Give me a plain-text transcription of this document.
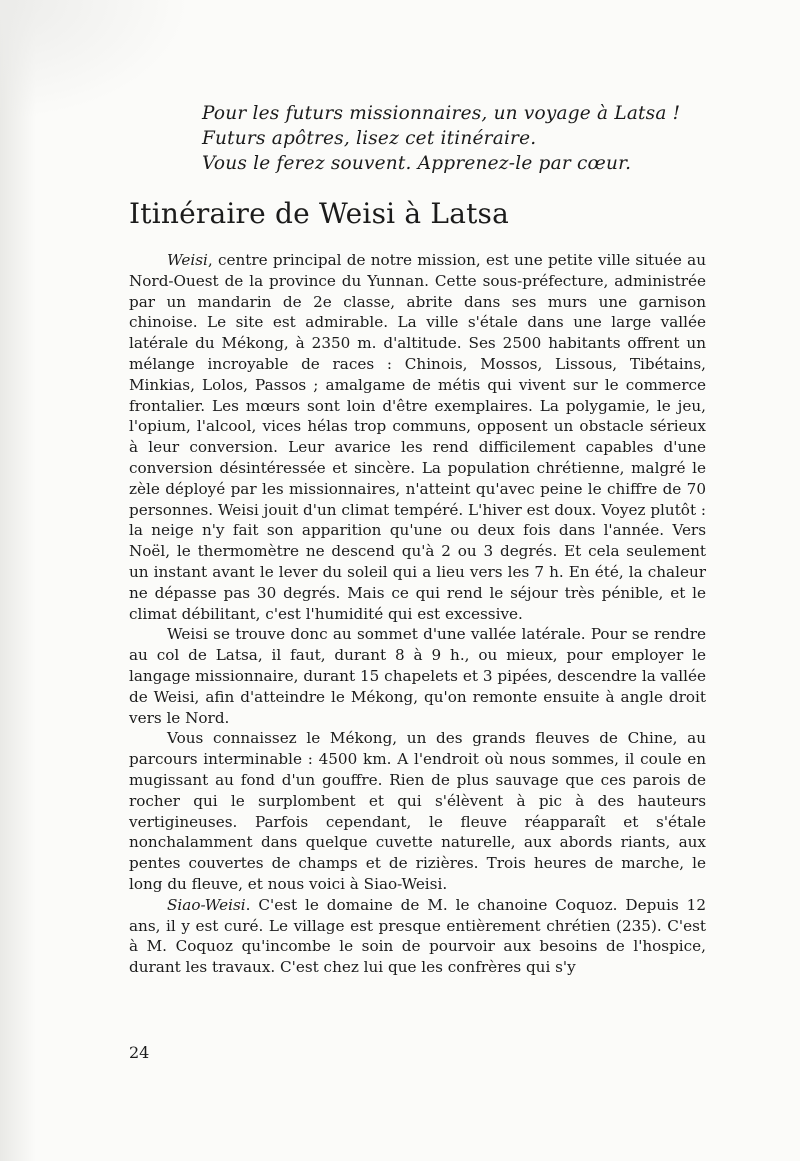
Pour les futurs missionnaires, un voyage à Latsa !
Futurs apôtres, lisez cet itinéraire.
Vous le ferez souvent. Apprenez-le par cœur.
Itinéraire de Weisi à Latsa

Weisi, centre principal de notre mission, est une petite ville située au Nord-Ouest de la province du Yunnan. Cette sous-préfecture, administrée par un mandarin de 2e classe, abrite dans ses murs une garnison chinoise. Le site est admirable. La ville s'étale dans une large vallée latérale du Mékong, à 2350 m. d'altitude. Ses 2500 habitants offrent un mélange incroyable de races : Chinois, Mossos, Lissous, Tibétains, Minkias, Lolos, Passos ; amalgame de métis qui vivent sur le commerce frontalier. Les mœurs sont loin d'être exemplaires. La polygamie, le jeu, l'opium, l'alcool, vices hélas trop communs, opposent un obstacle sérieux à leur conversion. Leur avarice les rend difficilement capables d'une conversion désintéressée et sincère. La population chrétienne, malgré le zèle déployé par les missionnaires, n'atteint qu'avec peine le chiffre de 70 personnes. Weisi jouit d'un climat tempéré. L'hiver est doux. Voyez plutôt : la neige n'y fait son apparition qu'une ou deux fois dans l'année. Vers Noël, le thermomètre ne descend qu'à 2 ou 3 degrés. Et cela seulement un instant avant le lever du soleil qui a lieu vers les 7 h. En été, la chaleur ne dépasse pas 30 degrés. Mais ce qui rend le séjour très pénible, et le climat débilitant, c'est l'humidité qui est excessive.

Weisi se trouve donc au sommet d'une vallée latérale. Pour se rendre au col de Latsa, il faut, durant 8 à 9 h., ou mieux, pour employer le langage missionnaire, durant 15 chapelets et 3 pipées, descendre la vallée de Weisi, afin d'atteindre le Mékong, qu'on remonte ensuite à angle droit vers le Nord.

Vous connaissez le Mékong, un des grands fleuves de Chine, au parcours interminable : 4500 km. A l'endroit où nous sommes, il coule en mugissant au fond d'un gouffre. Rien de plus sauvage que ces parois de rocher qui le surplombent et qui s'élèvent à pic à des hauteurs vertigineuses. Parfois cependant, le fleuve réapparaît et s'étale nonchalamment dans quelque cuvette naturelle, aux abords riants, aux pentes couvertes de champs et de rizières. Trois heures de marche, le long du fleuve, et nous voici à Siao-Weisi.

Siao-Weisi. C'est le domaine de M. le chanoine Coquoz. Depuis 12 ans, il y est curé. Le village est presque entièrement chrétien (235). C'est à M. Coquoz qu'incombe le soin de pourvoir aux besoins de l'hospice, durant les travaux. C'est chez lui que les confrères qui s'y

24
